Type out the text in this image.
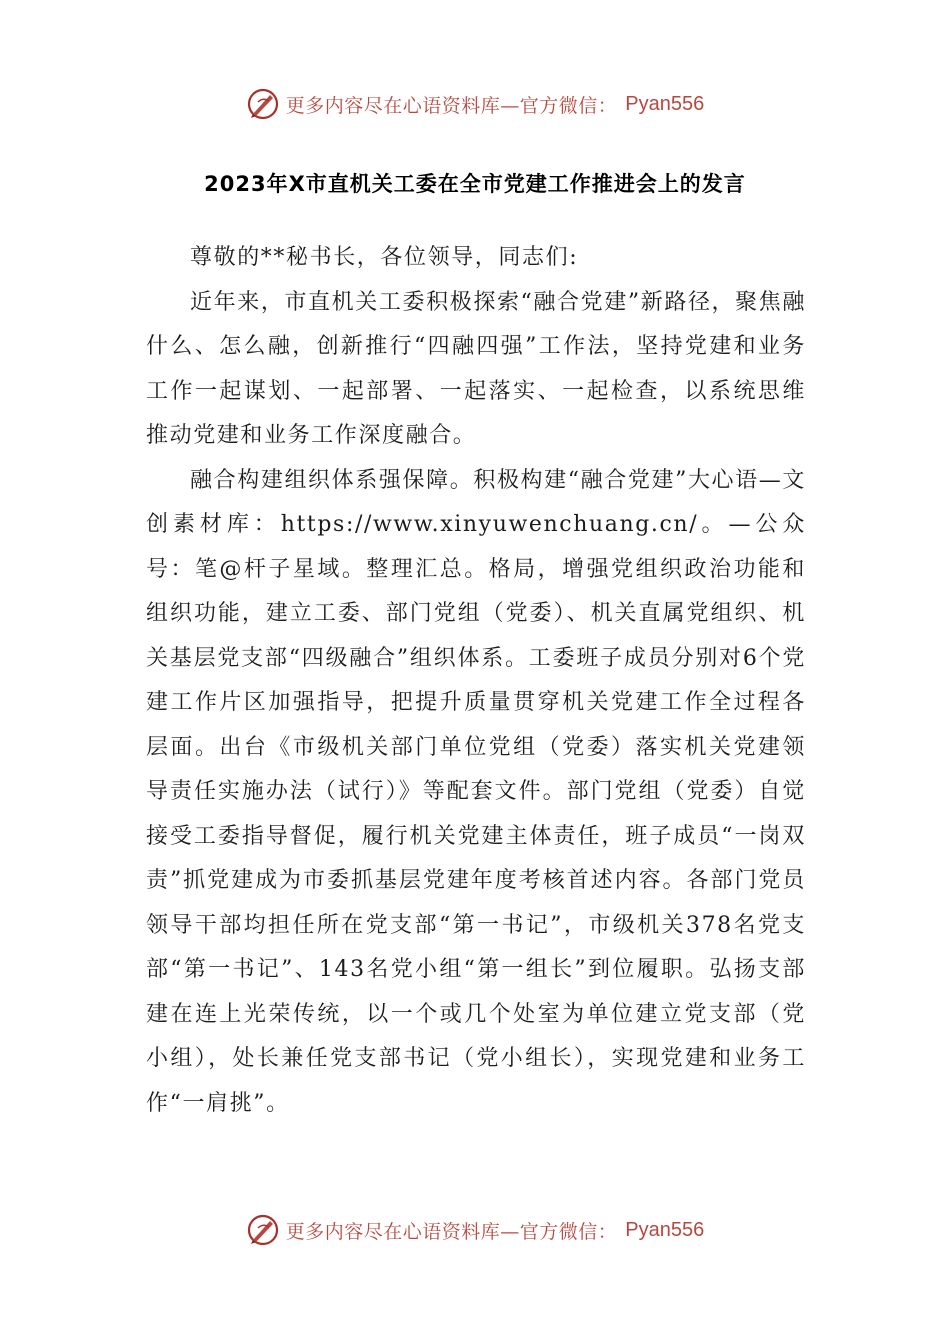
更多内容尽在心语资料库—官方微信： Pyan556
2023年X市直机关工委在全市党建工作推进会上的发言

尊敬的**秘书长，各位领导，同志们:

近年来，市直机关工委积极探索“融合党建”新路径，聚焦融什么、怎么融，创新推行“四融四强”工作法，坚持党建和业务工作一起谋划、一起部署、一起落实、一起检查，以系统思维推动党建和业务工作深度融合。

融合构建组织体系强保障。积极构建“融合党建”大心语—文创素材库：https://www.xinyuwenchuang.cn/。—公众号：笔@杆子星域。整理汇总。格局，增强党组织政治功能和组织功能，建立工委、部门党组（党委）、机关直属党组织、机关基层党支部“四级融合”组织体系。工委班子成员分别对6个党建工作片区加强指导，把提升质量贯穿机关党建工作全过程各层面。出台《市级机关部门单位党组（党委）落实机关党建领导责任实施办法（试行）》等配套文件。部门党组（党委）自觉接受工委指导督促，履行机关党建主体责任，班子成员“一岗双责”抓党建成为市委抓基层党建年度考核首述内容。各部门党员领导干部均担任所在党支部“第一书记”，市级机关378名党支部“第一书记”、143名党小组“第一组长”到位履职。弘扬支部建在连上光荣传统，以一个或几个处室为单位建立党支部（党小组），处长兼任党支部书记（党小组长），实现党建和业务工作“一肩挑”。

更多内容尽在心语资料库—官方微信： Pyan556
